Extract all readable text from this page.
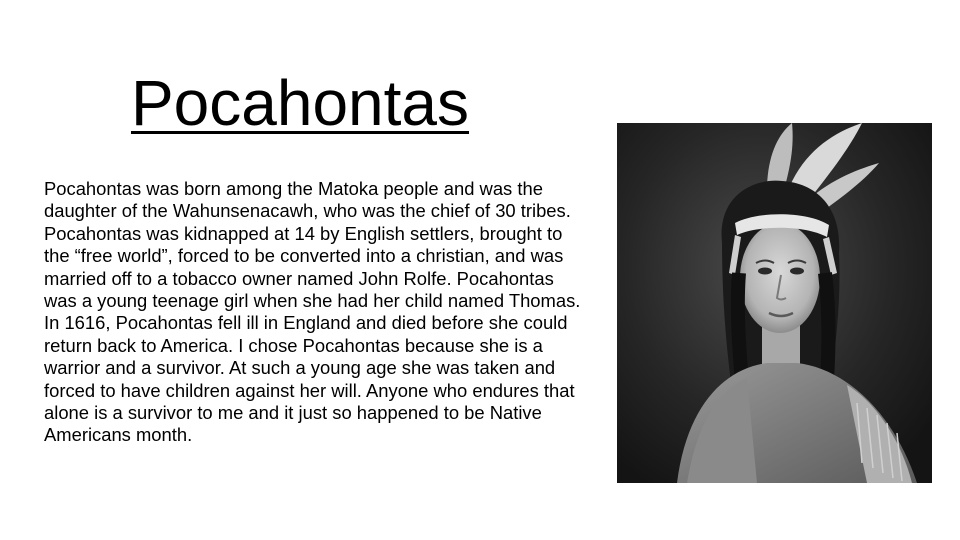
Pocahontas

Pocahontas was born among the Matoka people and was the daughter of the Wahunsenacawh, who was the chief of 30 tribes. Pocahontas was kidnapped at 14 by English settlers, brought to the “free world”, forced to be converted into a christian, and was married off to a tobacco owner named John Rolfe. Pocahontas was a young teenage girl when she had her child named Thomas. In 1616, Pocahontas fell ill in England and died before she could return back to America. I chose Pocahontas because she is a warrior and a survivor. At such a young age she was taken and forced to have children against her will. Anyone who endures that alone is a survivor to me and it just so happened to be Native Americans month.
